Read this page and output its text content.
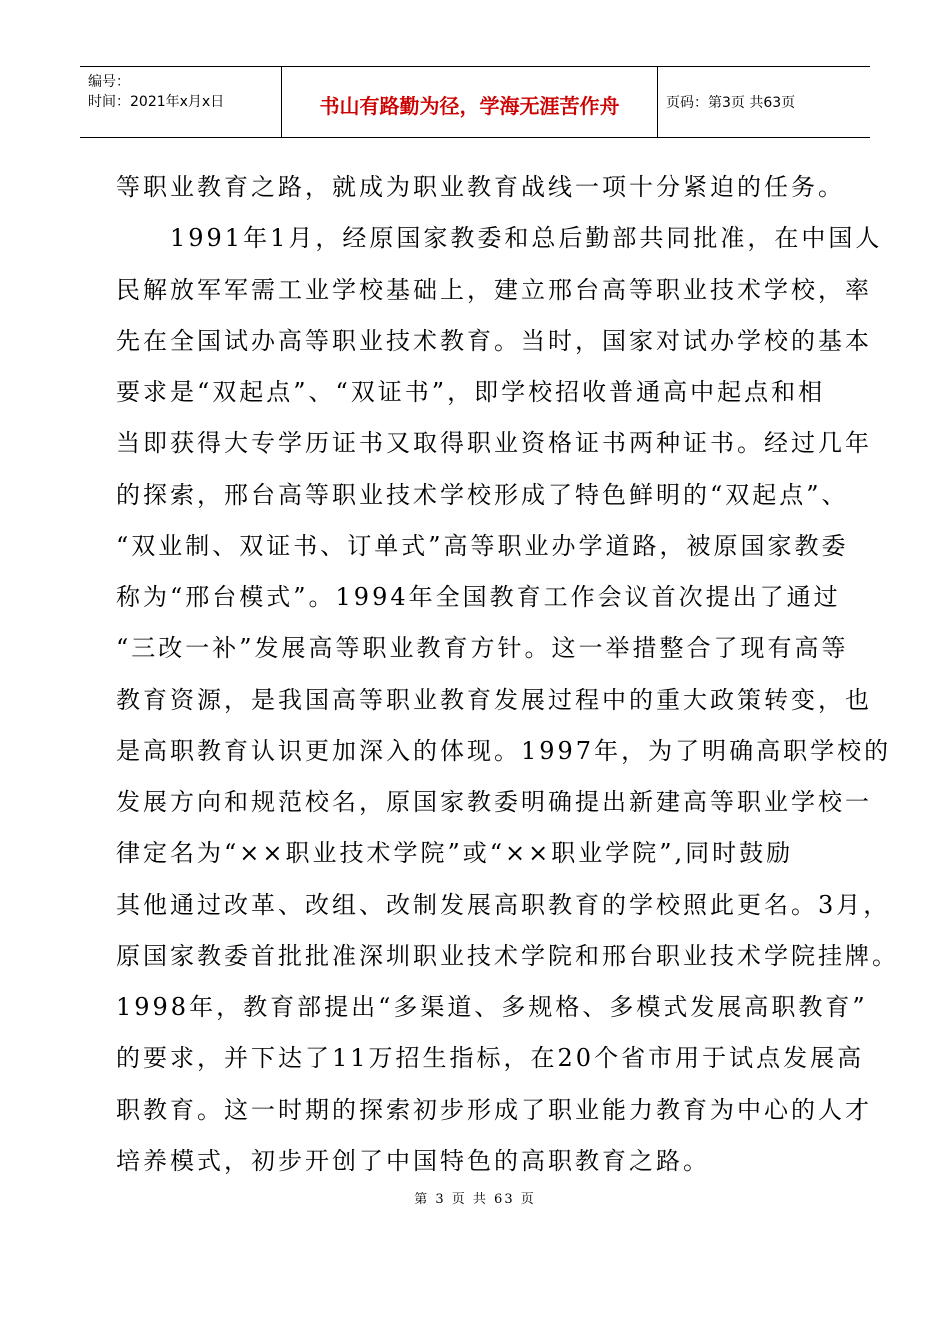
编号：
时间：2021年x月x日	书山有路勤为径，学海无涯苦作舟	页码：第3页 共63页
等职业教育之路，就成为职业教育战线一项十分紧迫的任务。
　　1991年1月，经原国家教委和总后勤部共同批准，在中国人
民解放军军需工业学校基础上，建立邢台高等职业技术学校，率
先在全国试办高等职业技术教育。当时，国家对试办学校的基本
要求是“双起点”、“双证书”，即学校招收普通高中起点和相
当即获得大专学历证书又取得职业资格证书两种证书。经过几年
的探索，邢台高等职业技术学校形成了特色鲜明的“双起点”、
“双业制、双证书、订单式”高等职业办学道路，被原国家教委
称为“邢台模式”。1994年全国教育工作会议首次提出了通过
“三改一补”发展高等职业教育方针。这一举措整合了现有高等
教育资源，是我国高等职业教育发展过程中的重大政策转变，也
是高职教育认识更加深入的体现。1997年，为了明确高职学校的
发展方向和规范校名，原国家教委明确提出新建高等职业学校一
律定名为“××职业技术学院”或“××职业学院”,同时鼓励
其他通过改革、改组、改制发展高职教育的学校照此更名。3月，
原国家教委首批批准深圳职业技术学院和邢台职业技术学院挂牌。
1998年，教育部提出“多渠道、多规格、多模式发展高职教育”
的要求，并下达了11万招生指标，在20个省市用于试点发展高
职教育。这一时期的探索初步形成了职业能力教育为中心的人才
培养模式，初步开创了中国特色的高职教育之路。
第 3 页 共 63 页
